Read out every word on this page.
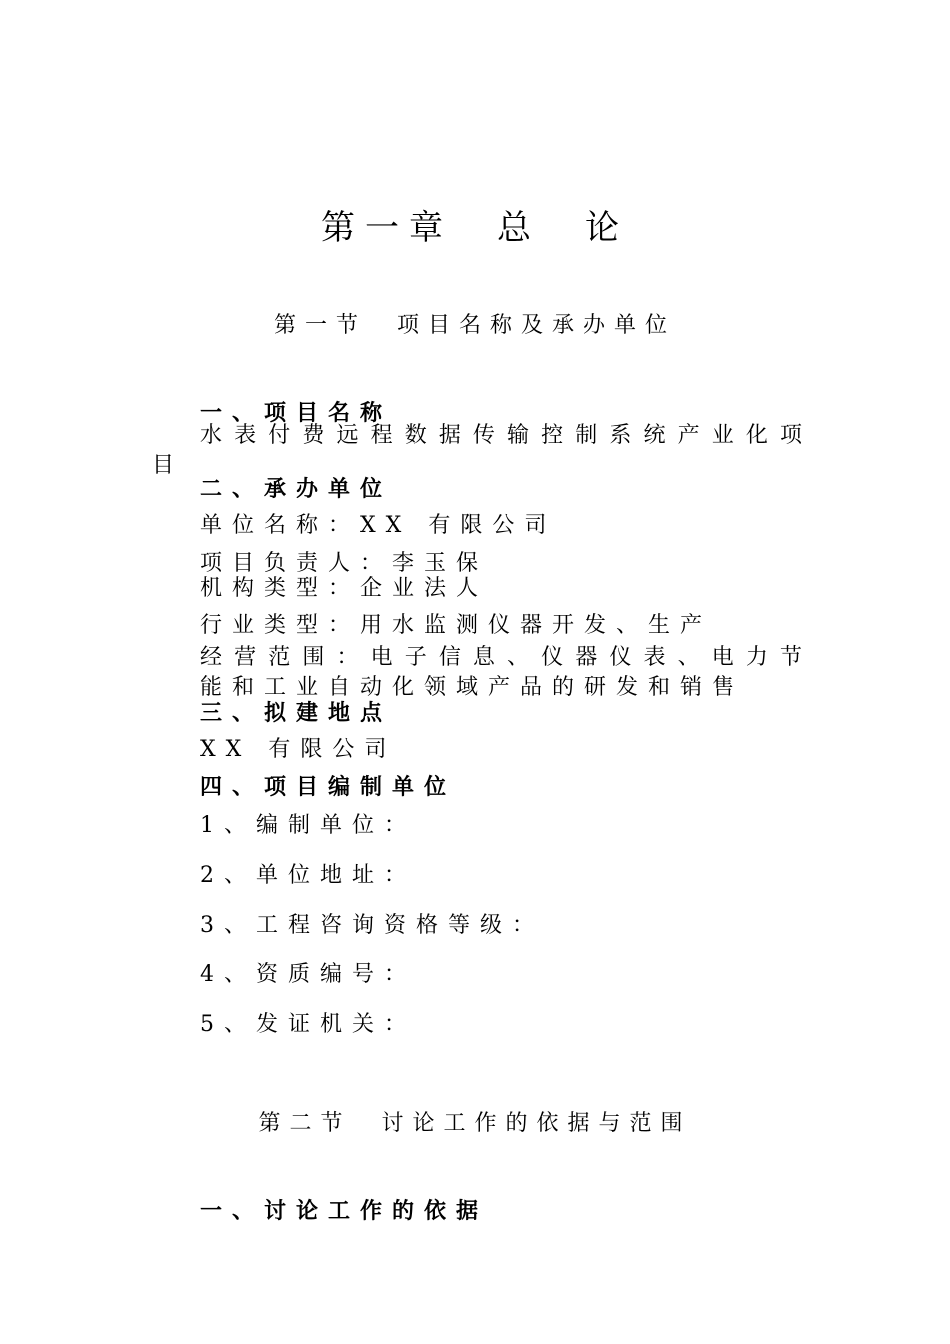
第一章　总　论
第一节 项目名称及承办单位
一、项目名称
水表付费远程数据传输控制系统产业化项
目
二、承办单位
单位名称：XX 有限公司
项目负责人：李玉保
机构类型：企业法人
行业类型：用水监测仪器开发、生产
经营范围：电子信息、仪器仪表、电力节
能和工业自动化领域产品的研发和销售
三、拟建地点
XX 有限公司
四、项目编制单位
1、编制单位：
2、单位地址：
3、工程咨询资格等级：
4、资质编号：
5、发证机关：
第二节 讨论工作的依据与范围
一、讨论工作的依据
